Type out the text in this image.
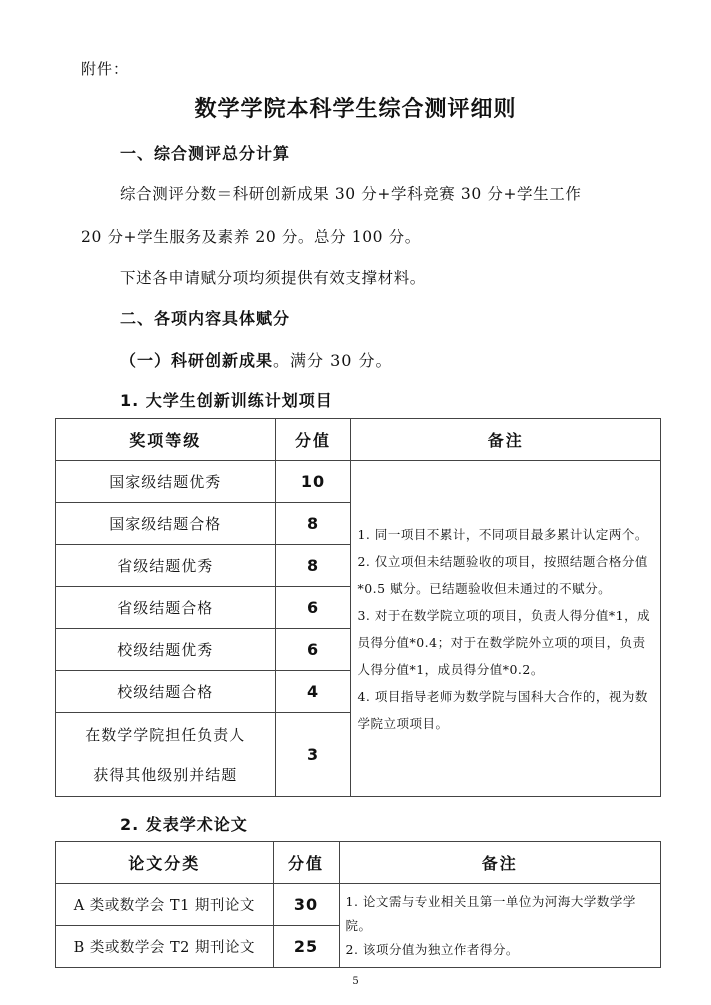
附件：
数学学院本科学生综合测评细则
一、综合测评总分计算
综合测评分数＝科研创新成果 30 分+学科竞赛 30 分+学生工作
20 分+学生服务及素养 20 分。总分 100 分。
下述各申请赋分项均须提供有效支撑材料。
二、各项内容具体赋分
（一）科研创新成果。满分 30 分。
1. 大学生创新训练计划项目
奖项等级	分值	备注
国家级结题优秀	10	1. 同一项目不累计，不同项目最多累计认定两个。
2. 仅立项但未结题验收的项目，按照结题合格分值*0.5 赋分。已结题验收但未通过的不赋分。
3. 对于在数学院立项的项目，负责人得分值*1，成员得分值*0.4；对于在数学院外立项的项目，负责人得分值*1，成员得分值*0.2。
4. 项目指导老师为数学院与国科大合作的，视为数学院立项项目。

国家级结题合格	8	
省级结题优秀	8	
省级结题合格	6	
校级结题优秀	6	
校级结题合格	4	

在数学学院担任负责人
获得其他级别并结题	3	
2. 发表学术论文
论文分类	分值	备注
A 类或数学会 T1 期刊论文	30	1. 论文需与专业相关且第一单位为河海大学数学学院。
2. 该项分值为独立作者得分。

B 类或数学会 T2 期刊论文	25	
5
